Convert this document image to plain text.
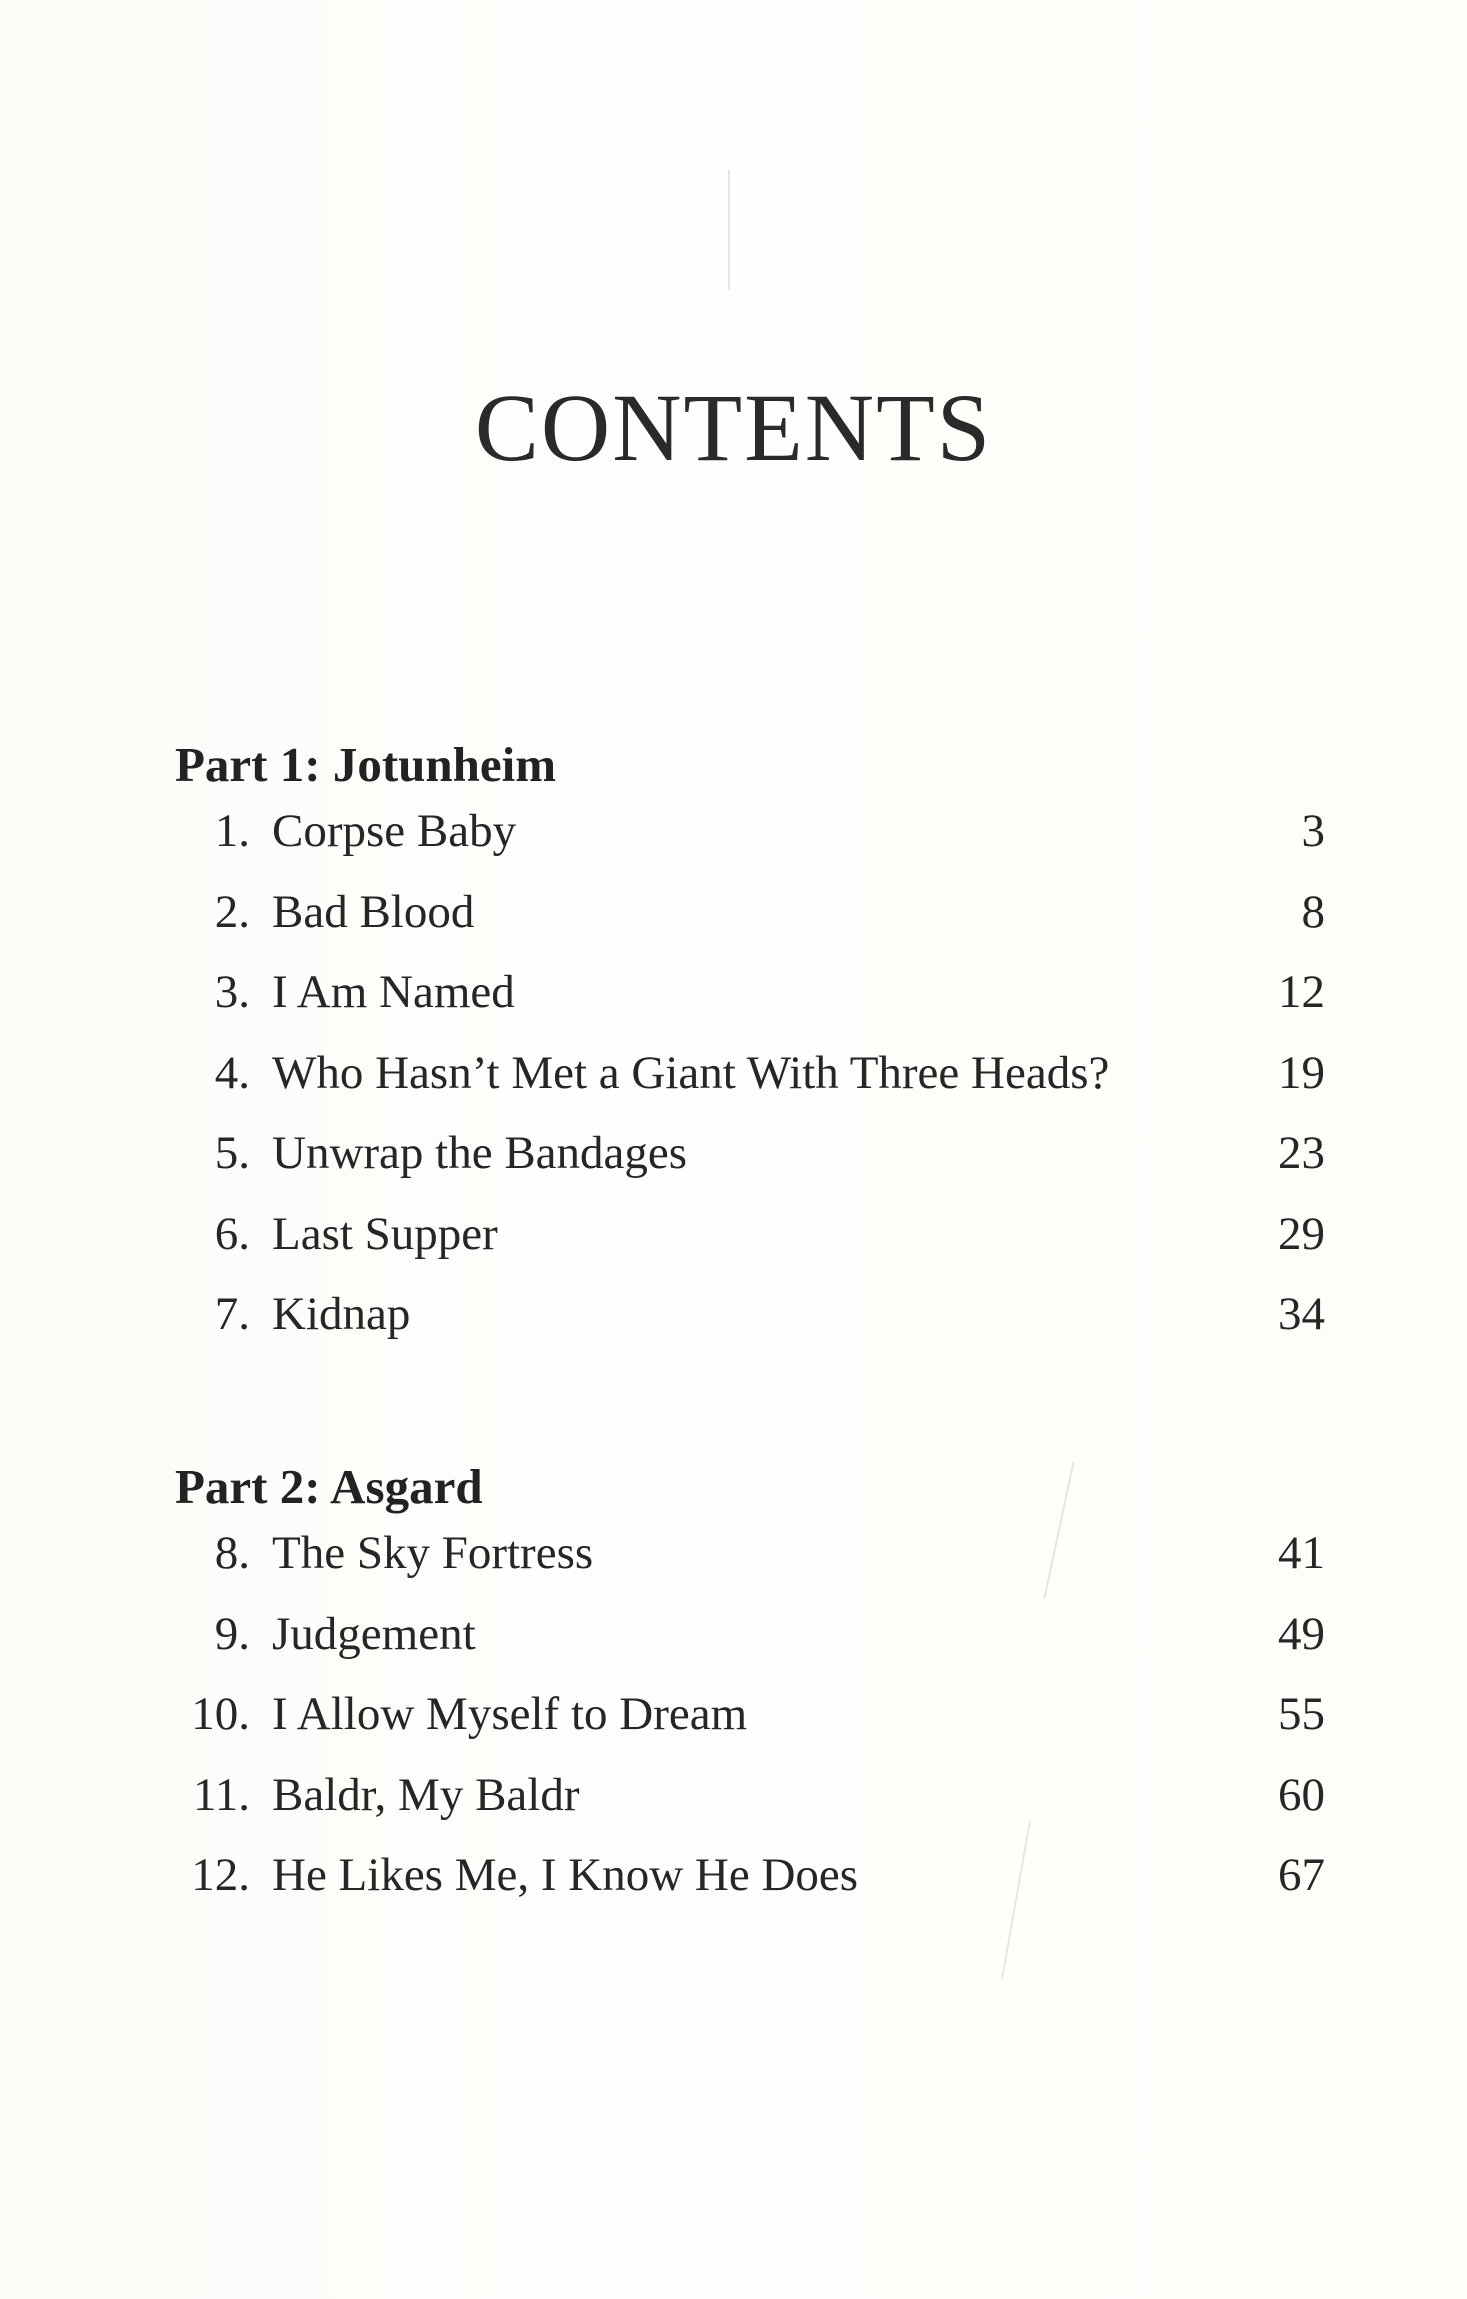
CONTENTS
Part 1: Jotunheim
1. Corpse Baby	3
2. Bad Blood	8
3. I Am Named	12
4. Who Hasn’t Met a Giant With Three Heads?	19
5. Unwrap the Bandages	23
6. Last Supper	29
7. Kidnap	34
Part 2: Asgard
8. The Sky Fortress	41
9. Judgement	49
10. I Allow Myself to Dream	55
11. Baldr, My Baldr	60
12. He Likes Me, I Know He Does	67
